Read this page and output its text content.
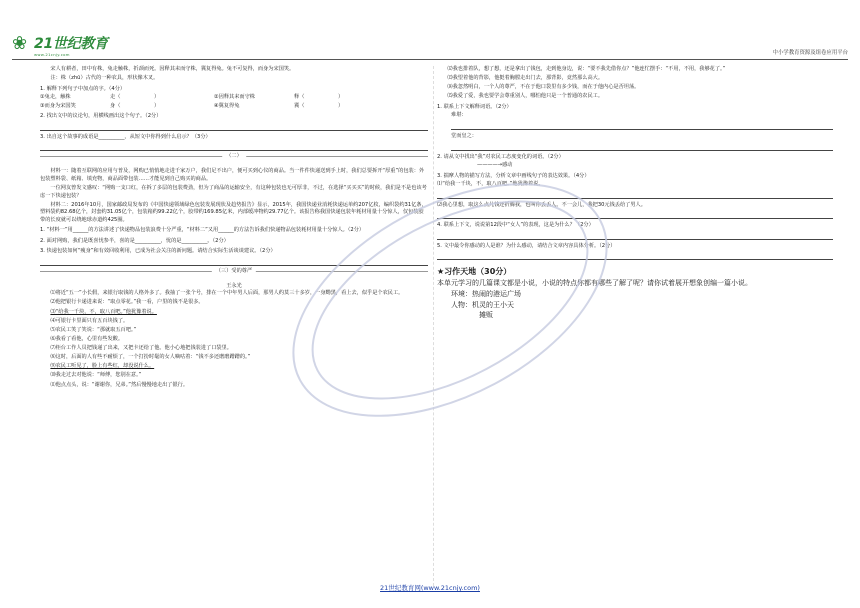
❀ 21世纪教育
www.21cnjy.com	中小学教育资源及组卷应用平台

宋人有耕者，田中有株，兔走触株，折颈而死。因释其耒而守株，冀复得兔。兔不可复得，而身为宋国笑。

注：株（zhū）古代的一种农具，形状像木叉。

1. 解释下列句子中加点的字。（4分）

①兔走，触株	走（	）	②因释其耒而守株	释（	）
③而身为宋国笑	身（	）	④冀复得兔	冀（	）

2. 找出文中的议论句，用横线画出这个句子。（2分）

3. 出自这个故事的成语是__________，从短文中你得到什么启示？（3分）

（二）

材料一：随着互联网的应用与普及，网购已悄悄地走进千家万户，我们足不出户，便可买到心仪的商品。当一件件快递送到手上时，我们总要拆开“厚重”的包装：外包装塑料袋、纸箱、填充物，商品面带包装……才能见到自己购买的商品。

一位网友曾发文感叹：“网购一支口红，在拆了多层的包装费劲，但为了商品的运输安全，有这种包装也无可厚非，不过，在选择“买买买”的时候，我们是不是也该考虑一下快递包装？

材料二：2016年10月，国家邮政局发布的《中国快递领域绿色包装发展现状及趋势报告》显示，2015年，我国快递业消耗快递运单约207亿枚，编织袋约31亿条，塑料袋约82.68亿个，封套约31.05亿个，包装箱约99.22亿个，胶带约169.85亿米，内部缓冲物约29.77亿个。该报告称我国快递包装年耗材用量十分惊人，仅包装胶带的长度就可以绕地球赤道约425圈。

1. “材料一”用______的方法讲述了快递物品包装浪费十分严重，“材料二”又用______的方法告诉我们快递物品包装耗材用量十分惊人。（2分）

2. 面对网购，我们是既喜忧参半，喜的是__________，忧的是__________。（2分）

3. 快递包装如何“瘦身”和有效回收利用，已成为社会关注的新问题。请结合实际生活谈谈建议。（2分）

（三）受的尊严

王永光

⑴将近“五一”小长假，来银行取钱的人格外多了。我抽了一张个号，排在一个中年男人后面，那男人约莫三十多岁，一身黝黑，看上去，似乎是个农民工。

⑵他把银行卡递进来说：“取点零花。”我一看，户里的钱不是很多。

⑶“给我一千块，不，取八百吧。”他犹豫着说。

⑷可银行卡里面只有五百块钱了。

⑸农民工笑了笑说：“那就取五百吧。”

⑹我看了看他，心里有些发酸。

⑺柜台工作人员把钱递了出来，又把卡还给了他。他小心地把钱装进了口袋里。

⑻这时，后面的人有些不耐烦了，一个打扮时髦的女人嘀咕着：“钱不多还磨磨蹭蹭的。”

⑼农民工听见了，脸上有些红，却没说什么。

⑽我走过去对他说：“师傅，您别在意。”

⑾他点点头，说：“谢谢你，兄弟。”然后慢慢地走出了银行。

⑿我也排着队，想了想，还是拿出了钱包，走到他身边，说：“要不我先借你点？”他连忙摆手：“不用，不用，我够花了。”

⒀我望着他的背影，他挺着胸膛走出门去，那背影，竟然那么高大。

⒁我忽然明白，一个人的尊严，不在于他口袋里有多少钱，而在于他内心是否坦荡。

⒂我爱了爱，我也要学会尊重别人，哪怕他只是一个普通的农民工。

1. 联系上下文解释词语。（2分）

难堪：

堂而皇之：

2. 请从文中找出“我”对农民工态度变化的词语。（2分）

————→感动

3. 揣摩人物的描写方法，分析文章中画线句子的表达效果。（4分）

⑴“给我一千块，不，取八百吧。”他犹豫着说。

⑵我心里想，取这么点儿钱还折腾我，也叫你丢丢人。不一会儿，我把30元钱丢给了男人。

4. 联系上下文，说说第12段中“女人”的表现，这是为什么？（2分）

5. 文中最令你感动的人是谁？为什么感动，请结合文章内容具体分析。（2分）

★习作天地（30分）

本单元学习的几篇课文都是小说，小说的特点你都有哪些了解了呢？请你试着展开想象创编一篇小说。

环境：热闹的港运广场

人物：机灵的王小天

摊贩

21世纪教育网(www.21cnjy.com)
